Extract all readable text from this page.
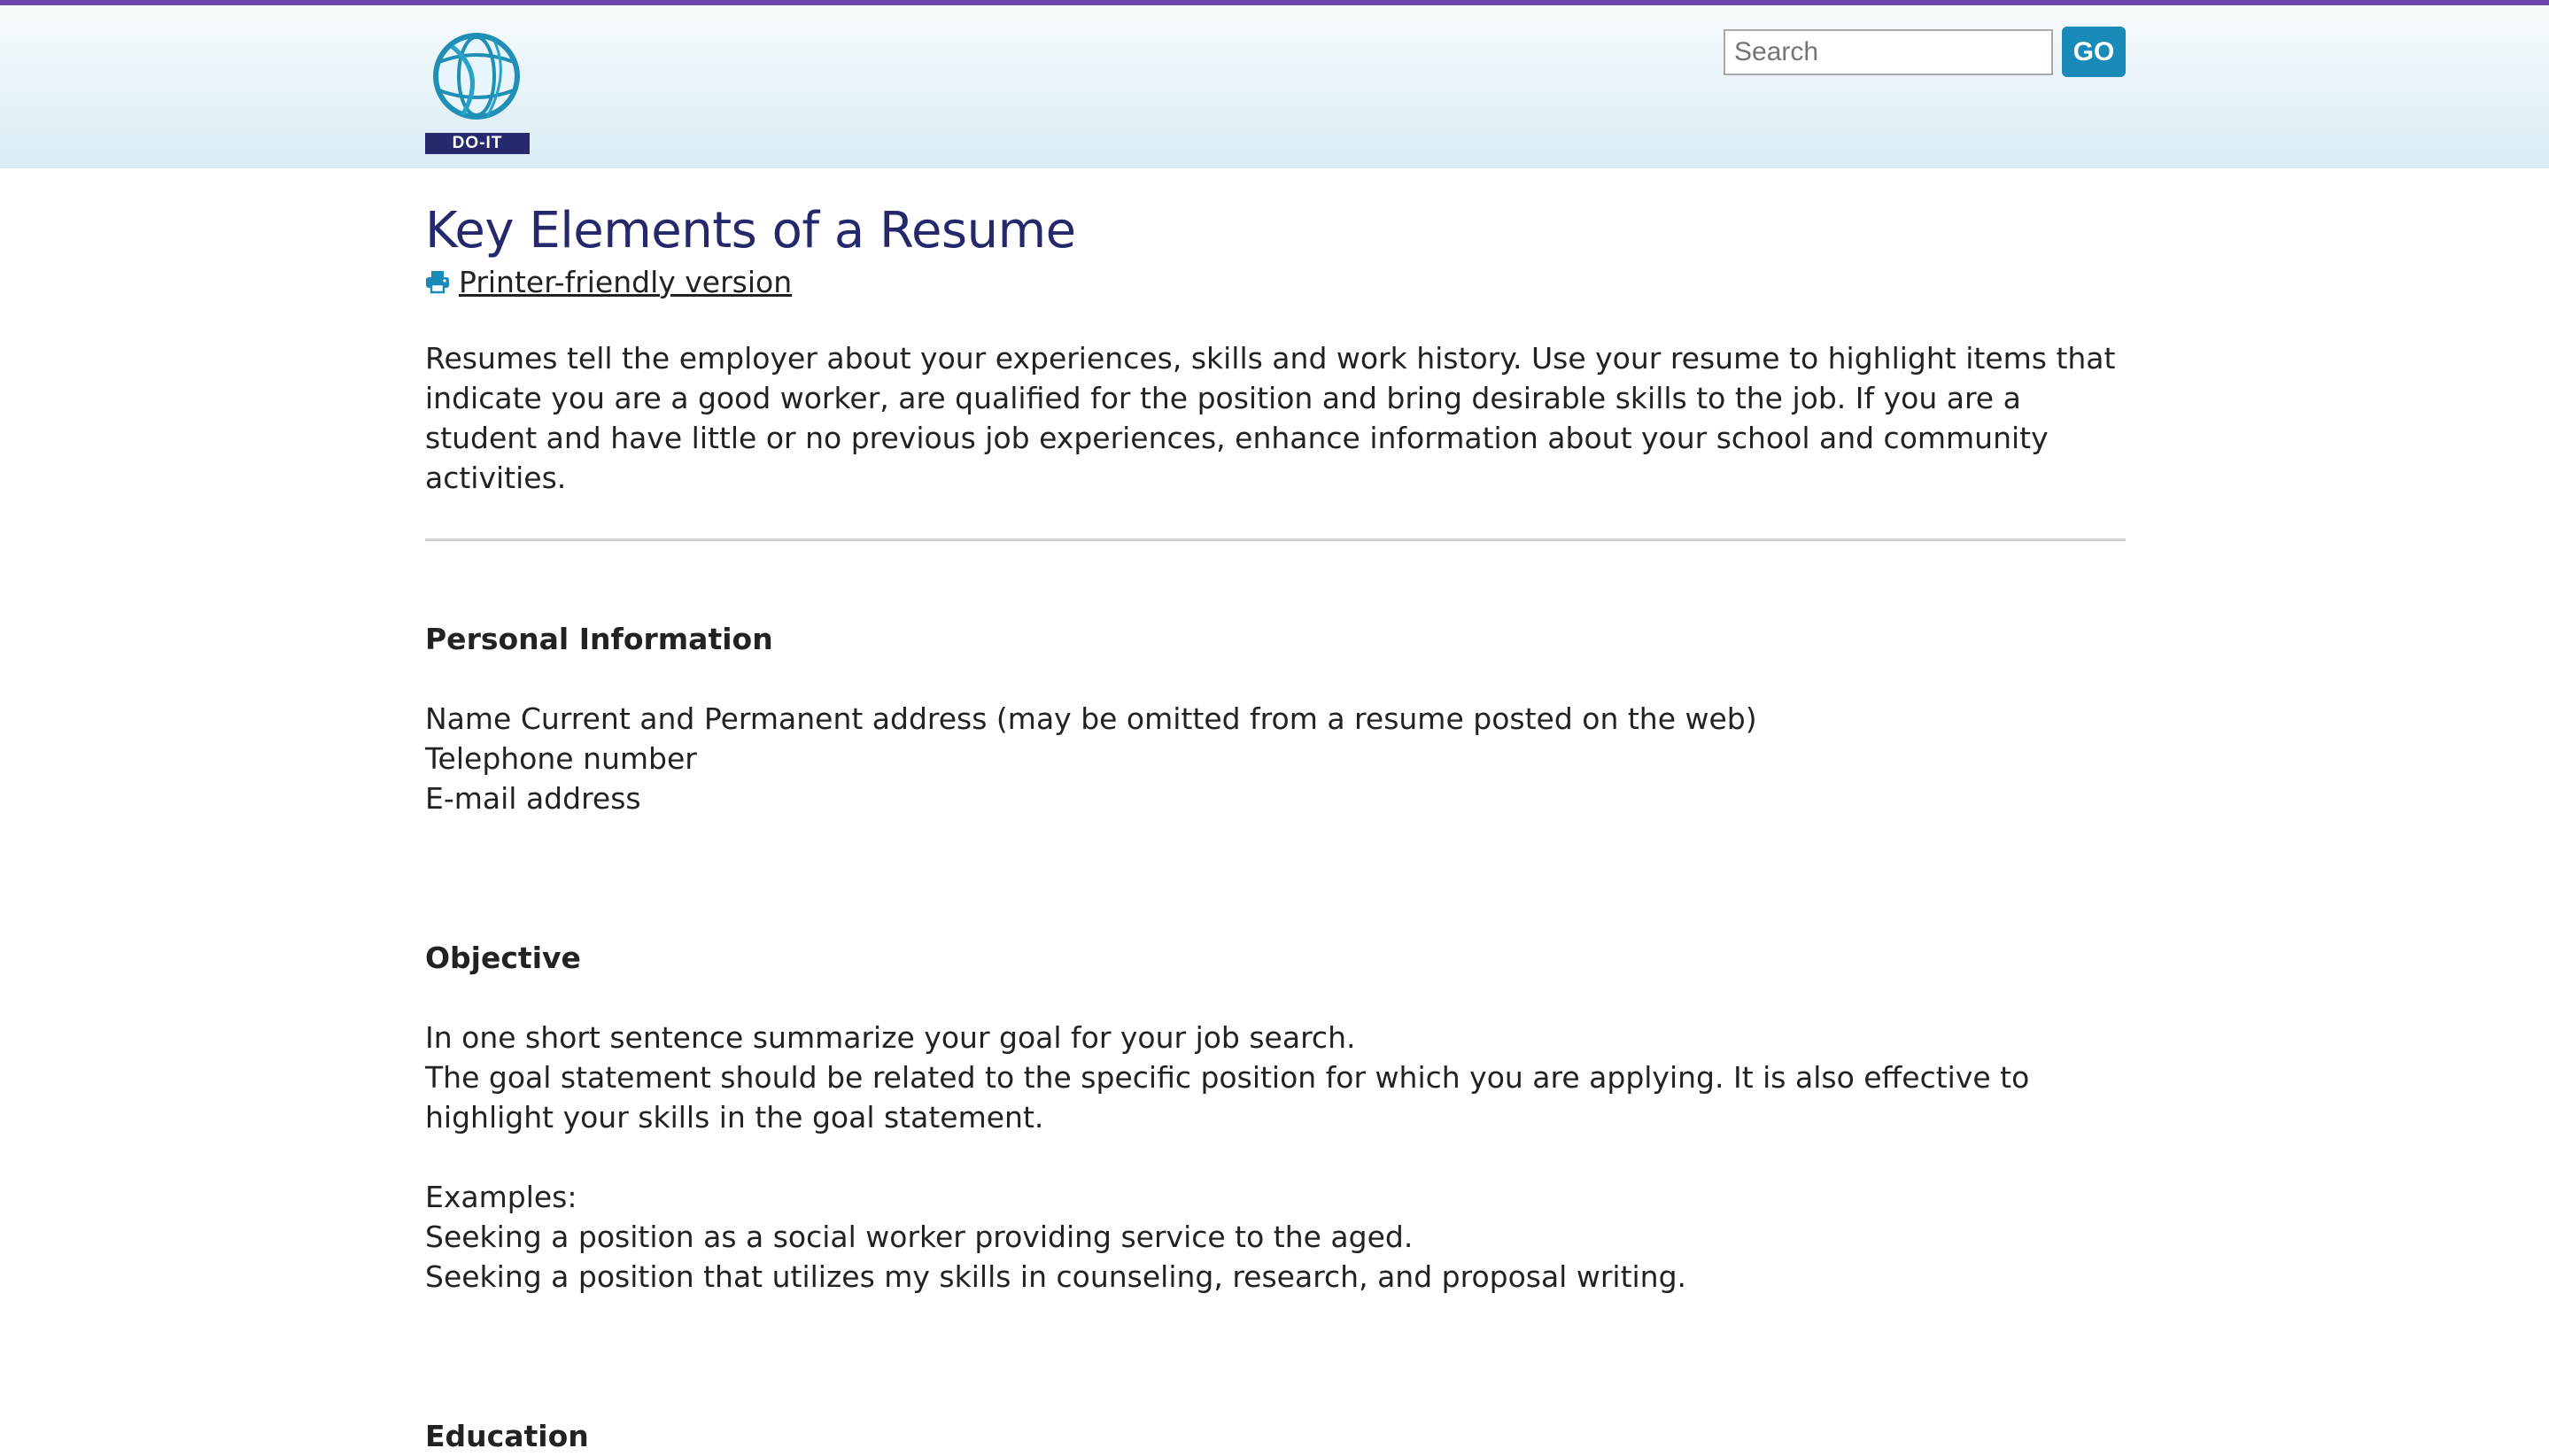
DO-IT
Search
GO
Key Elements of a Resume
Printer-friendly version

Resumes tell the employer about your experiences, skills and work history. Use your resume to highlight items that indicate you are a good worker, are qualified for the position and bring desirable skills to the job. If you are a student and have little or no previous job experiences, enhance information about your school and community activities.

Personal Information

Name Current and Permanent address (may be omitted from a resume posted on the web)

Telephone number

E-mail address

Objective

In one short sentence summarize your goal for your job search.

The goal statement should be related to the specific position for which you are applying. It is also effective to highlight your skills in the goal statement.

Examples:

Seeking a position as a social worker providing service to the aged.

Seeking a position that utilizes my skills in counseling, research, and proposal writing.

Education
